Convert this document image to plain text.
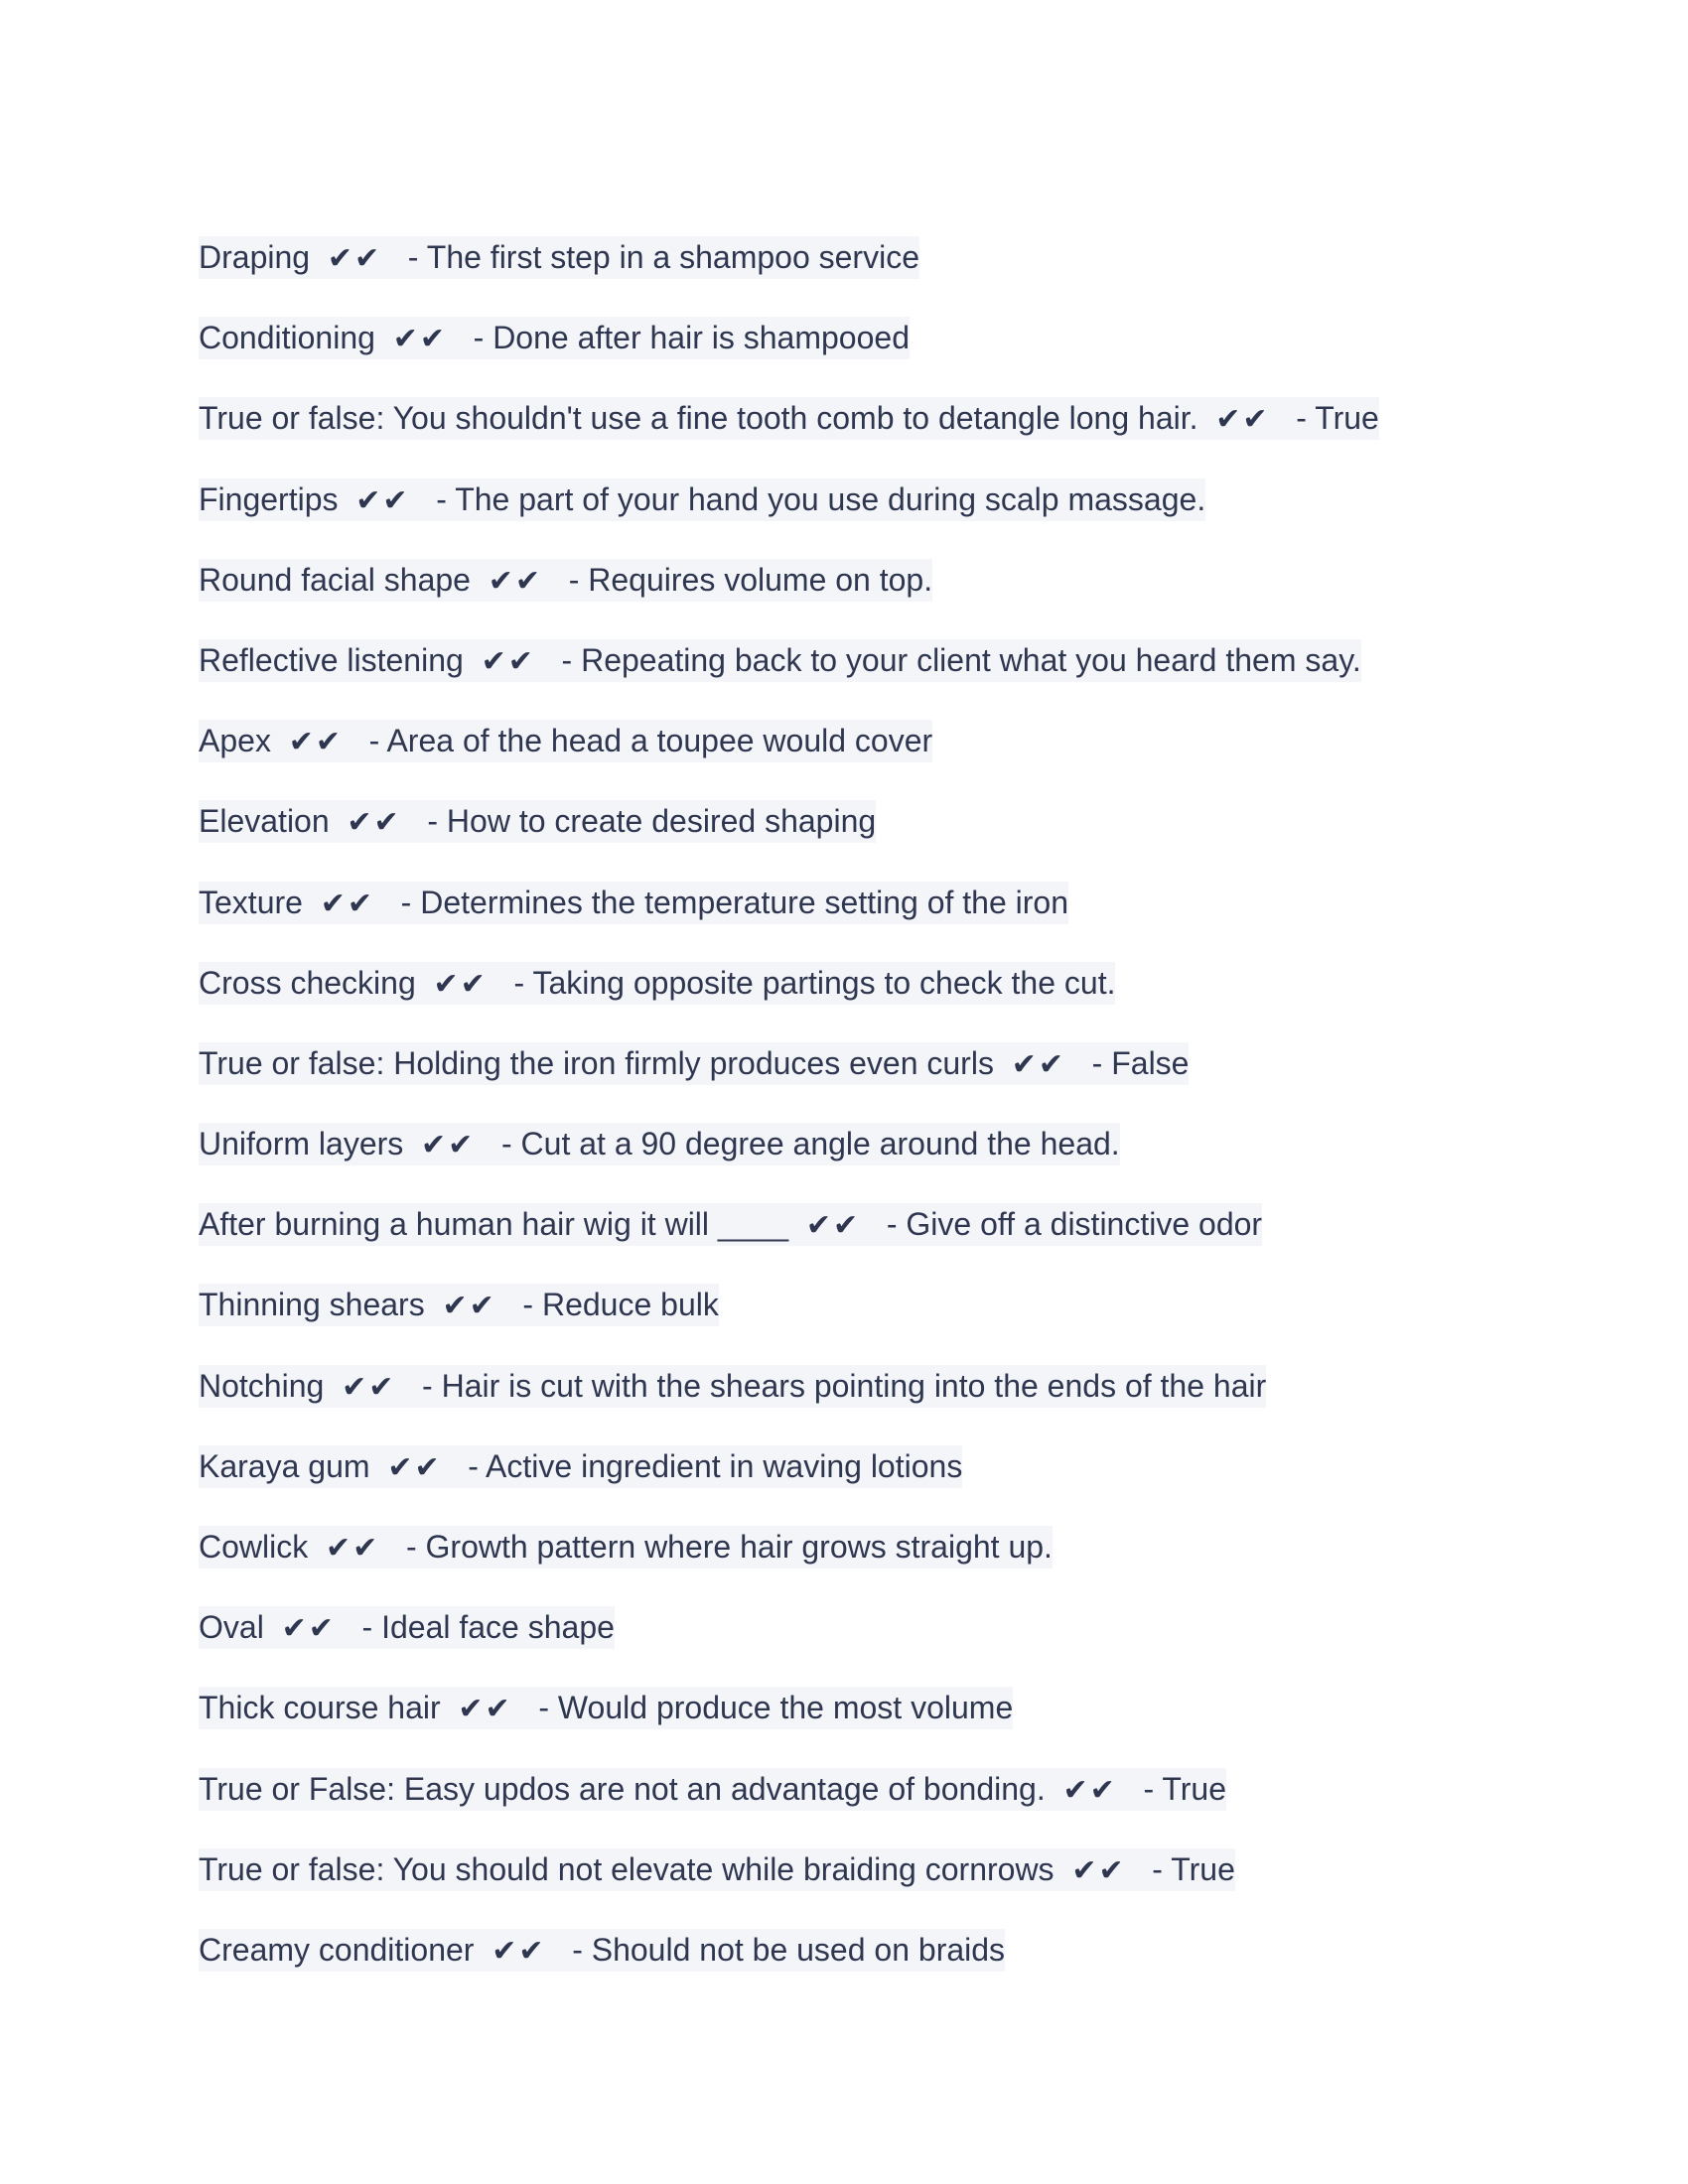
Draping ✔✔ - The first step in a shampoo service
Conditioning ✔✔ - Done after hair is shampooed
True or false: You shouldn't use a fine tooth comb to detangle long hair. ✔✔ - True
Fingertips ✔✔ - The part of your hand you use during scalp massage.
Round facial shape ✔✔ - Requires volume on top.
Reflective listening ✔✔ - Repeating back to your client what you heard them say.
Apex ✔✔ - Area of the head a toupee would cover
Elevation ✔✔ - How to create desired shaping
Texture ✔✔ - Determines the temperature setting of the iron
Cross checking ✔✔ - Taking opposite partings to check the cut.
True or false: Holding the iron firmly produces even curls ✔✔ - False
Uniform layers ✔✔ - Cut at a 90 degree angle around the head.
After burning a human hair wig it will ____ ✔✔ - Give off a distinctive odor
Thinning shears ✔✔ - Reduce bulk
Notching ✔✔ - Hair is cut with the shears pointing into the ends of the hair
Karaya gum ✔✔ - Active ingredient in waving lotions
Cowlick ✔✔ - Growth pattern where hair grows straight up.
Oval ✔✔ - Ideal face shape
Thick course hair ✔✔ - Would produce the most volume
True or False: Easy updos are not an advantage of bonding. ✔✔ - True
True or false: You should not elevate while braiding cornrows ✔✔ - True
Creamy conditioner ✔✔ - Should not be used on braids
